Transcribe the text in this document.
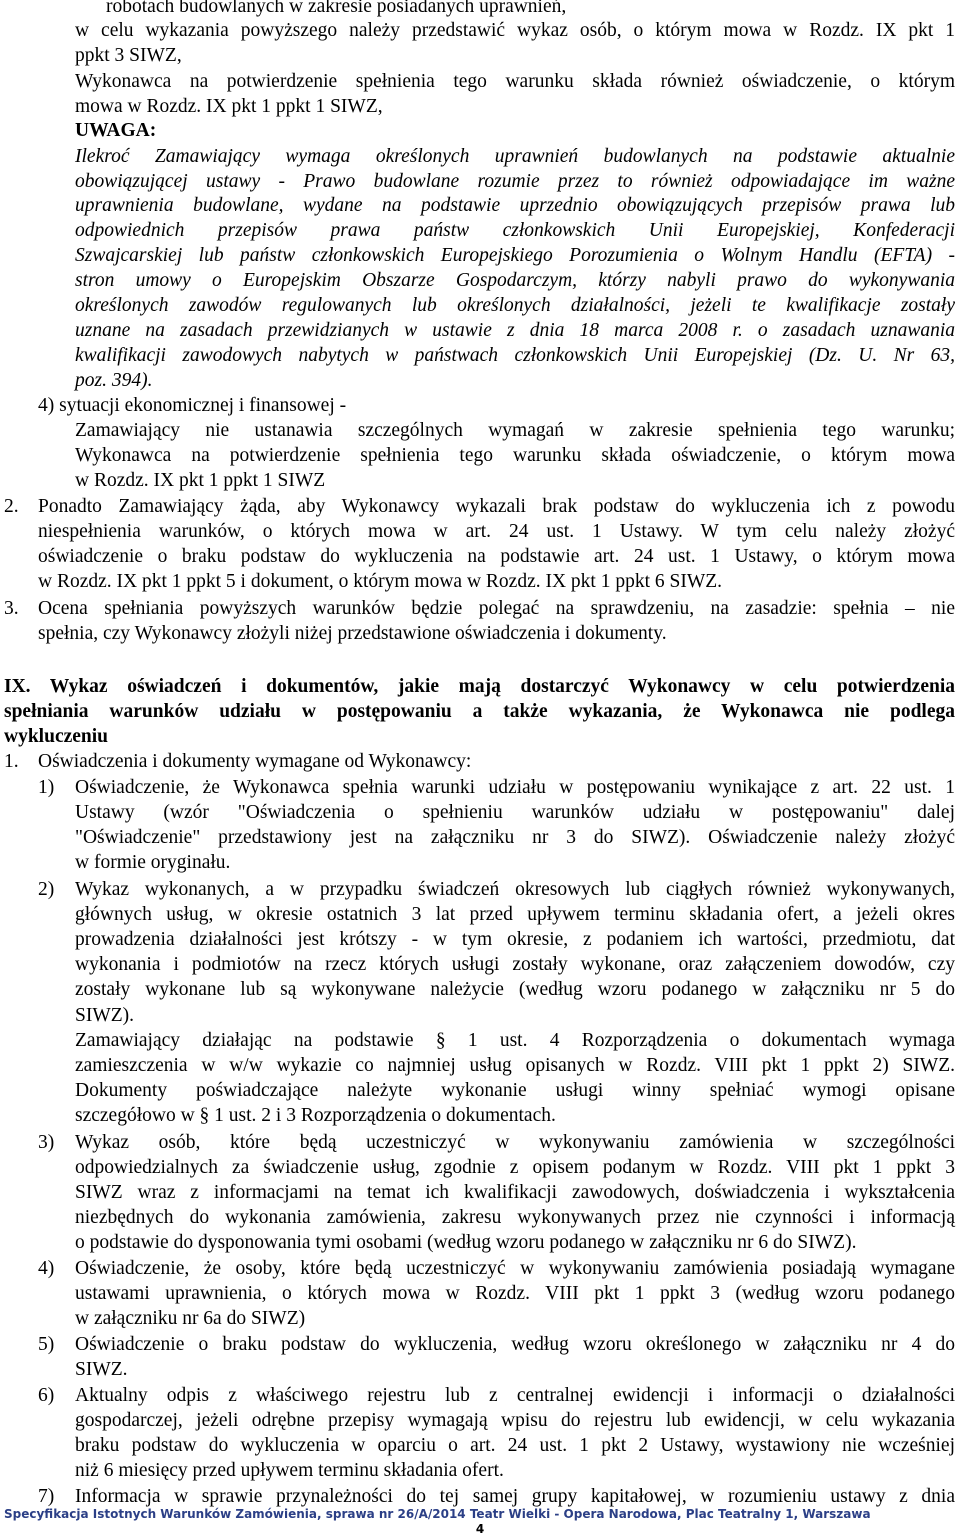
robotach budowlanych w zakresie posiadanych uprawnień,

w celu wykazania powyższego należy przedstawić wykaz osób, o którym mowa w Rozdz. IX pkt 1

ppkt 3 SIWZ,

Wykonawca na potwierdzenie spełnienia tego warunku składa również oświadczenie, o którym

mowa w Rozdz. IX pkt 1 ppkt 1 SIWZ,

UWAGA:

Ilekroć Zamawiający wymaga określonych uprawnień budowlanych na podstawie aktualnie

obowiązującej ustawy - Prawo budowlane rozumie przez to również odpowiadające im ważne

uprawnienia budowlane, wydane na podstawie uprzednio obowiązujących przepisów prawa lub

odpowiednich przepisów prawa państw członkowskich Unii Europejskiej, Konfederacji

Szwajcarskiej lub państw członkowskich Europejskiego Porozumienia o Wolnym Handlu (EFTA) -

stron umowy o Europejskim Obszarze Gospodarczym, którzy nabyli prawo do wykonywania

określonych zawodów regulowanych lub określonych działalności, jeżeli te kwalifikacje zostały

uznane na zasadach przewidzianych w ustawie z dnia 18 marca 2008 r. o zasadach uznawania

kwalifikacji zawodowych nabytych w państwach członkowskich Unii Europejskiej (Dz. U. Nr 63,

poz. 394).

4) sytuacji ekonomicznej i finansowej -

Zamawiający nie ustanawia szczególnych wymagań w zakresie spełnienia tego warunku;

Wykonawca na potwierdzenie spełnienia tego warunku składa oświadczenie, o którym mowa

w Rozdz. IX pkt 1 ppkt 1 SIWZ

2. Ponadto Zamawiający żąda, aby Wykonawcy wykazali brak podstaw do wykluczenia ich z powodu

niespełnienia warunków, o których mowa w art. 24 ust. 1 Ustawy. W tym celu należy złożyć

oświadczenie o braku podstaw do wykluczenia na podstawie art. 24 ust. 1 Ustawy, o którym mowa

w Rozdz. IX pkt 1 ppkt 5 i dokument, o którym mowa w Rozdz. IX pkt 1 ppkt 6 SIWZ.

3. Ocena spełniania powyższych warunków będzie polegać na sprawdzeniu, na zasadzie: spełnia – nie

spełnia, czy Wykonawcy złożyli niżej przedstawione oświadczenia i dokumenty.

IX. Wykaz oświadczeń i dokumentów, jakie mają dostarczyć Wykonawcy w celu potwierdzenia

spełniania warunków udziału w postępowaniu a także wykazania, że Wykonawca nie podlega

wykluczeniu

1. Oświadczenia i dokumenty wymagane od Wykonawcy:

1) Oświadczenie, że Wykonawca spełnia warunki udziału w postępowaniu wynikające z art. 22 ust. 1

Ustawy (wzór "Oświadczenia o spełnieniu warunków udziału w postępowaniu" dalej

"Oświadczenie" przedstawiony jest na załączniku nr 3 do SIWZ). Oświadczenie należy złożyć

w formie oryginału.

2) Wykaz wykonanych, a w przypadku świadczeń okresowych lub ciągłych również wykonywanych,

głównych usług, w okresie ostatnich 3 lat przed upływem terminu składania ofert, a jeżeli okres

prowadzenia działalności jest krótszy - w tym okresie, z podaniem ich wartości, przedmiotu, dat

wykonania i podmiotów na rzecz których usługi zostały wykonane, oraz załączeniem dowodów, czy

zostały wykonane lub są wykonywane należycie (według wzoru podanego w załączniku nr 5 do

SIWZ).

Zamawiający działając na podstawie § 1 ust. 4 Rozporządzenia o dokumentach wymaga

zamieszczenia w w/w wykazie co najmniej usług opisanych w Rozdz. VIII pkt 1 ppkt 2) SIWZ.

Dokumenty poświadczające należyte wykonanie usługi winny spełniać wymogi opisane

szczegółowo w § 1 ust. 2 i 3 Rozporządzenia o dokumentach.

3) Wykaz osób, które będą uczestniczyć w wykonywaniu zamówienia w szczególności

odpowiedzialnych za świadczenie usług, zgodnie z opisem podanym w Rozdz. VIII pkt 1 ppkt 3

SIWZ wraz z informacjami na temat ich kwalifikacji zawodowych, doświadczenia i wykształcenia

niezbędnych do wykonania zamówienia, zakresu wykonywanych przez nie czynności i informacją

o podstawie do dysponowania tymi osobami (według wzoru podanego w załączniku nr 6 do SIWZ).

4) Oświadczenie, że osoby, które będą uczestniczyć w wykonywaniu zamówienia posiadają wymagane

ustawami uprawnienia, o których mowa w Rozdz. VIII pkt 1 ppkt 3 (według wzoru podanego

w załączniku nr 6a do SIWZ)

5) Oświadczenie o braku podstaw do wykluczenia, według wzoru określonego w załączniku nr 4 do

SIWZ.

6) Aktualny odpis z właściwego rejestru lub z centralnej ewidencji i informacji o działalności

gospodarczej, jeżeli odrębne przepisy wymagają wpisu do rejestru lub ewidencji, w celu wykazania

braku podstaw do wykluczenia w oparciu o art. 24 ust. 1 pkt 2 Ustawy, wystawiony nie wcześniej

niż 6 miesięcy przed upływem terminu składania ofert.

7) Informacja w sprawie przynależności do tej samej grupy kapitałowej, w rozumieniu ustawy z dnia

Specyfikacja Istotnych Warunków Zamówienia, sprawa nr 26/A/2014 Teatr Wielki - Opera Narodowa, Plac Teatralny 1, Warszawa
4
